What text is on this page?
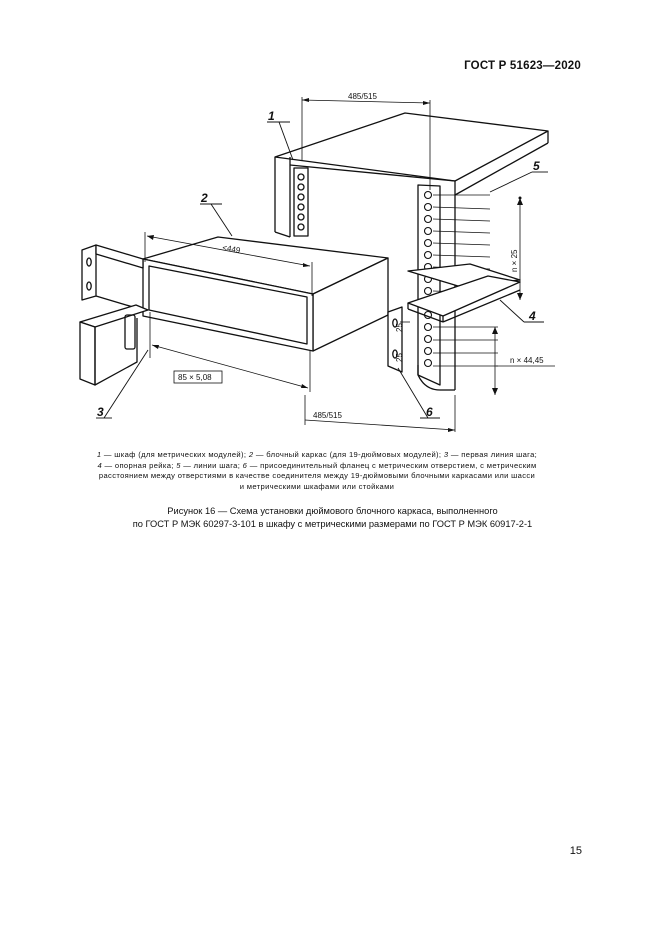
ГОСТ Р 51623—2020
1
2
3
4
5
6
485/515
<449
85 × 5,08
485/515
n × 25
n × 44,45
25
25

1 — шкаф (для метрических модулей); 2 — блочный каркас (для 19-дюймовых модулей); 3 — первая линия шага;

4 — опорная рейка; 5 — линии шага; 6 — присоединительный фланец с метрическим отверстием, с метрическим

расстоянием между отверстиями в качестве соединителя между 19-дюймовыми блочными каркасами или шасси

и метрическими шкафами или стойками

Рисунок 16 — Схема установки дюймового блочного каркаса, выполненного

по ГОСТ Р МЭК 60297-3-101 в шкафу с метрическими размерами по ГОСТ Р МЭК 60917-2-1

15
